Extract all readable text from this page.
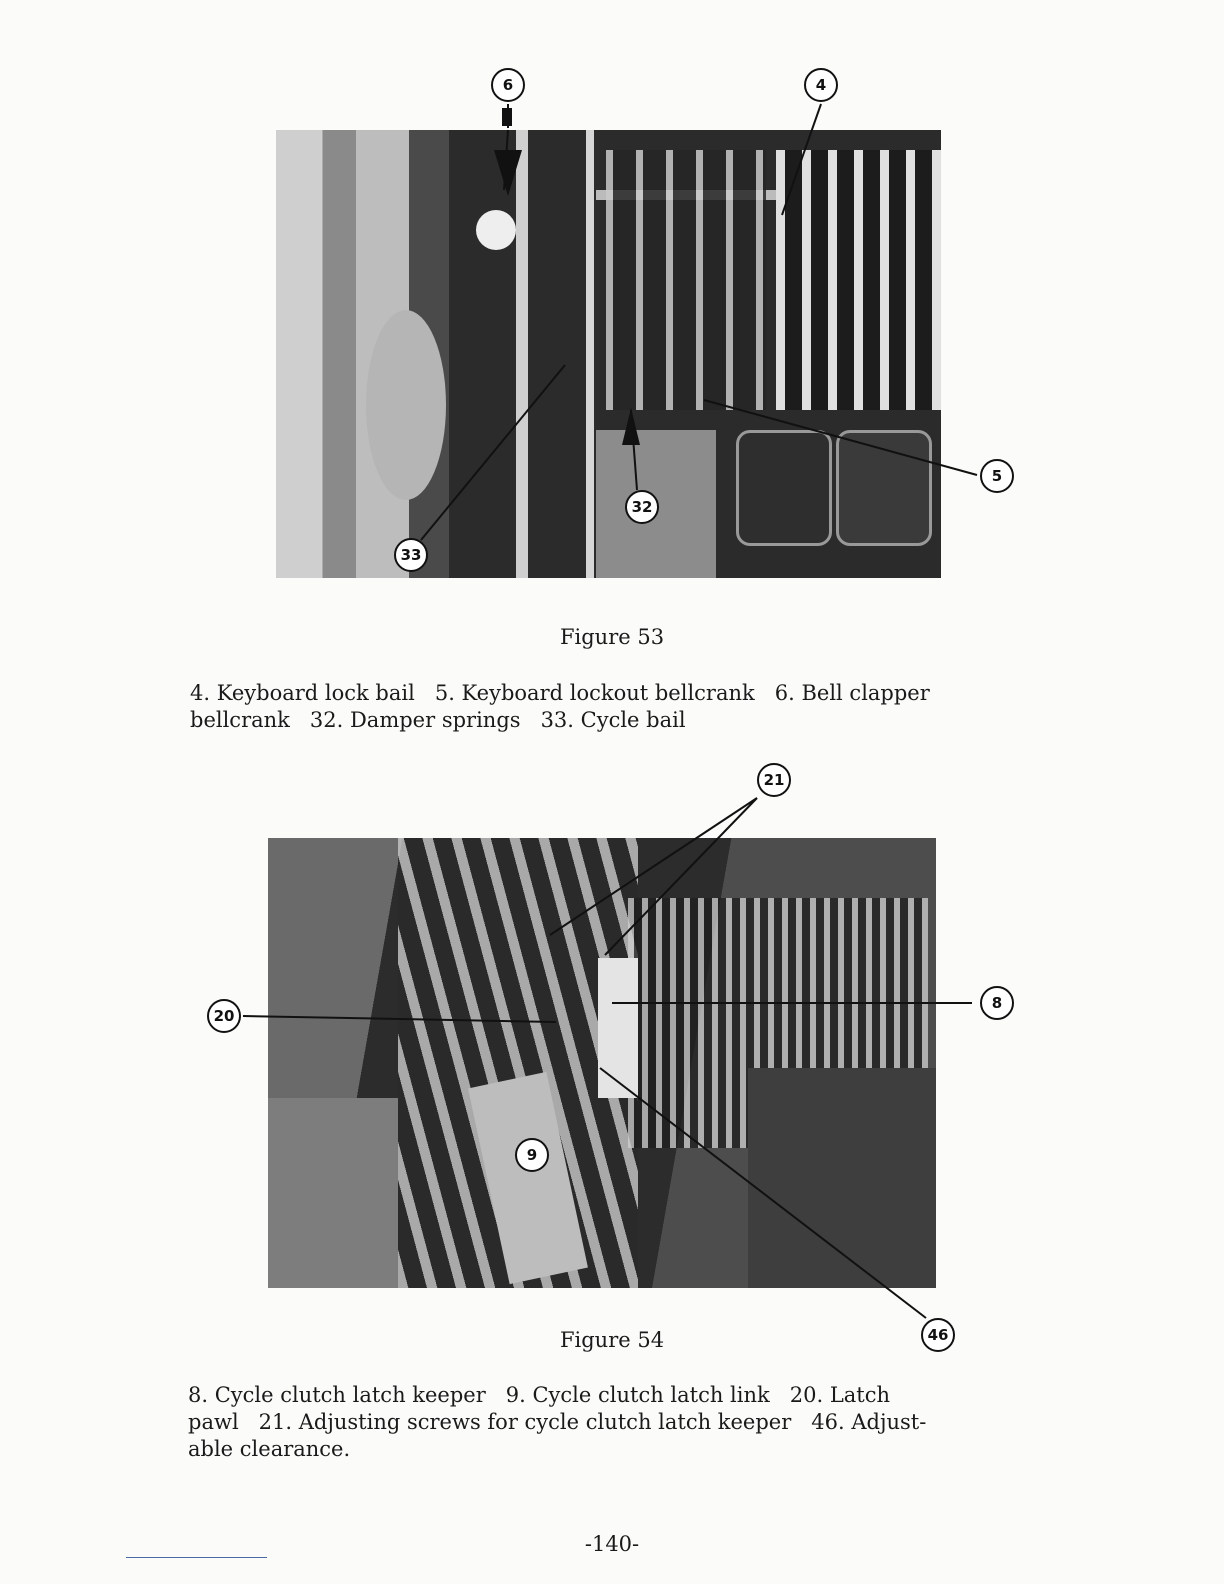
6	4
5
32
33
Figure 53
4. Keyboard lock bail   5. Keyboard lockout bellcrank   6. Bell clapper
bellcrank   32. Damper springs   33. Cycle bail
21
20
8
9
46
Figure 54
8. Cycle clutch latch keeper   9. Cycle clutch latch link   20. Latch
pawl   21. Adjusting screws for cycle clutch latch keeper   46. Adjust-
able clearance.
-140-
